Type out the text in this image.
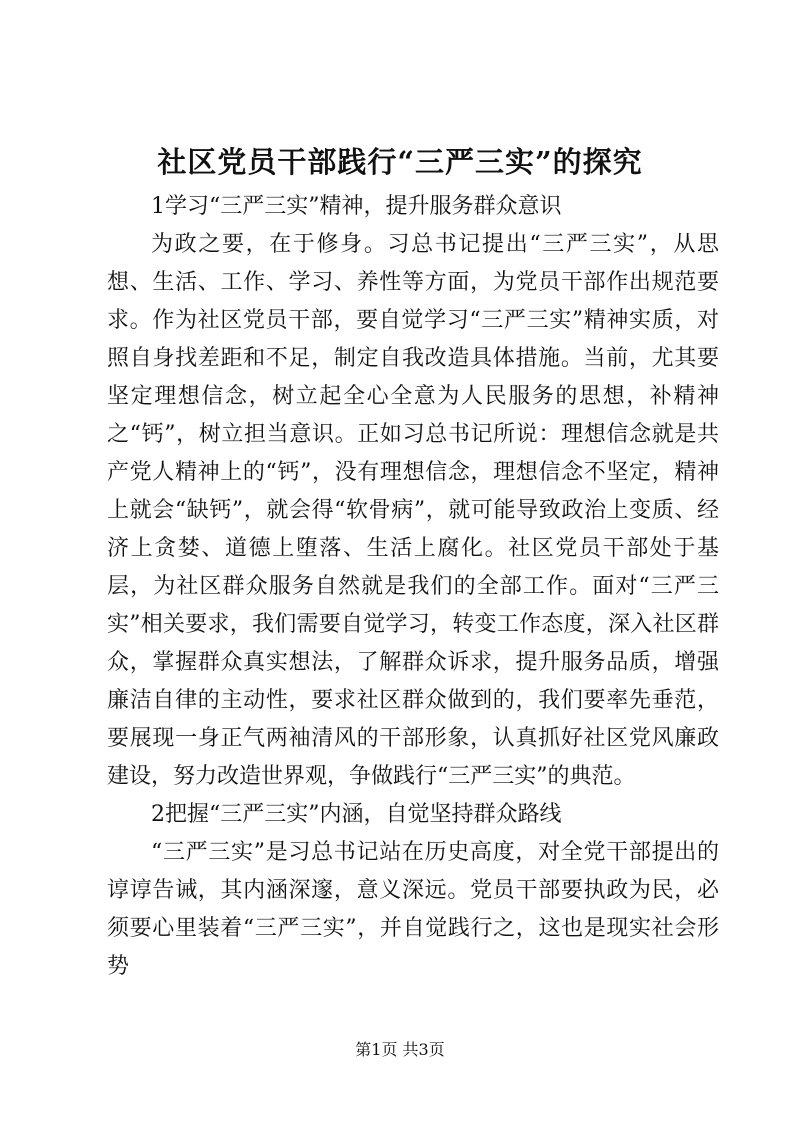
社区党员干部践行“三严三实”的探究

1学习“三严三实”精神，提升服务群众意识

为政之要，在于修身。习总书记提出“三严三实”，从思想、生活、工作、学习、养性等方面，为党员干部作出规范要求。作为社区党员干部，要自觉学习“三严三实”精神实质，对照自身找差距和不足，制定自我改造具体措施。当前，尤其要坚定理想信念，树立起全心全意为人民服务的思想，补精神之“钙”，树立担当意识。正如习总书记所说：理想信念就是共产党人精神上的“钙”，没有理想信念，理想信念不坚定，精神上就会“缺钙”，就会得“软骨病”，就可能导致政治上变质、经济上贪婪、道德上堕落、生活上腐化。社区党员干部处于基层，为社区群众服务自然就是我们的全部工作。面对“三严三实”相关要求，我们需要自觉学习，转变工作态度，深入社区群众，掌握群众真实想法，了解群众诉求，提升服务品质，增强廉洁自律的主动性，要求社区群众做到的，我们要率先垂范，要展现一身正气两袖清风的干部形象，认真抓好社区党风廉政建设，努力改造世界观，争做践行“三严三实”的典范。

2把握“三严三实”内涵，自觉坚持群众路线

“三严三实”是习总书记站在历史高度，对全党干部提出的谆谆告诫，其内涵深邃，意义深远。党员干部要执政为民，必须要心里装着“三严三实”，并自觉践行之，这也是现实社会形势

第1页 共3页
